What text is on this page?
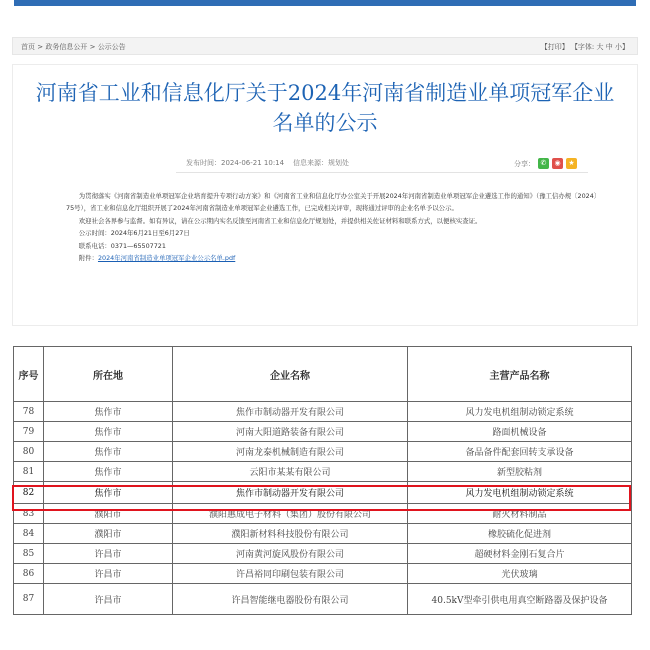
首页 > 政务信息公开 > 公示公告	【打印】 【字体: 大 中 小】
河南省工业和信息化厅关于2024年河南省制造业单项冠军企业
名单的公示
发布时间：2024-06-21 10:14 信息来源：规划处	分享： ✆	◉	★

为贯彻落实《河南省制造业单项冠军企业培育提升专项行动方案》和《河南省工业和信息化厅办公室关于开展2024年河南省制造业单项冠军企业遴选工作的通知》（豫工信办规〔2024〕75号），省工业和信息化厅组织开展了2024年河南省制造业单项冠军企业遴选工作，已完成相关评审，现将通过评审的企业名单予以公示。

欢迎社会各界参与监督。如有异议，请在公示期内实名反馈至河南省工业和信息化厅规划处，并提供相关佐证材料和联系方式，以便核实查证。

公示时间：2024年6月21日至6月27日

联系电话：0371—65507721

附件：2024年河南省制造业单项冠军企业公示名单.pdf

序号	所在地	企业名称	主营产品名称
78	焦作市	焦作市制动器开发有限公司	风力发电机组制动锁定系统
79	焦作市	河南大阳道路装备有限公司	路面机械设备
80	焦作市	河南龙泰机械制造有限公司	备品备件配套回转支承设备
81	焦作市	云阳市某某有限公司	新型胶粘剂
82	焦作市	焦作市制动器开发有限公司	风力发电机组制动锁定系统
83	濮阳市	濮阳惠成电子材料（集团）股份有限公司	耐火材料制品
84	濮阳市	濮阳新材料科技股份有限公司	橡胶硫化促进剂
85	许昌市	河南黄河旋风股份有限公司	超硬材料金刚石复合片
86	许昌市	许昌裕同印刷包装有限公司	光伏玻璃
87	许昌市	许昌智能继电器股份有限公司	40.5kV型牵引供电用真空断路器及保护设备
